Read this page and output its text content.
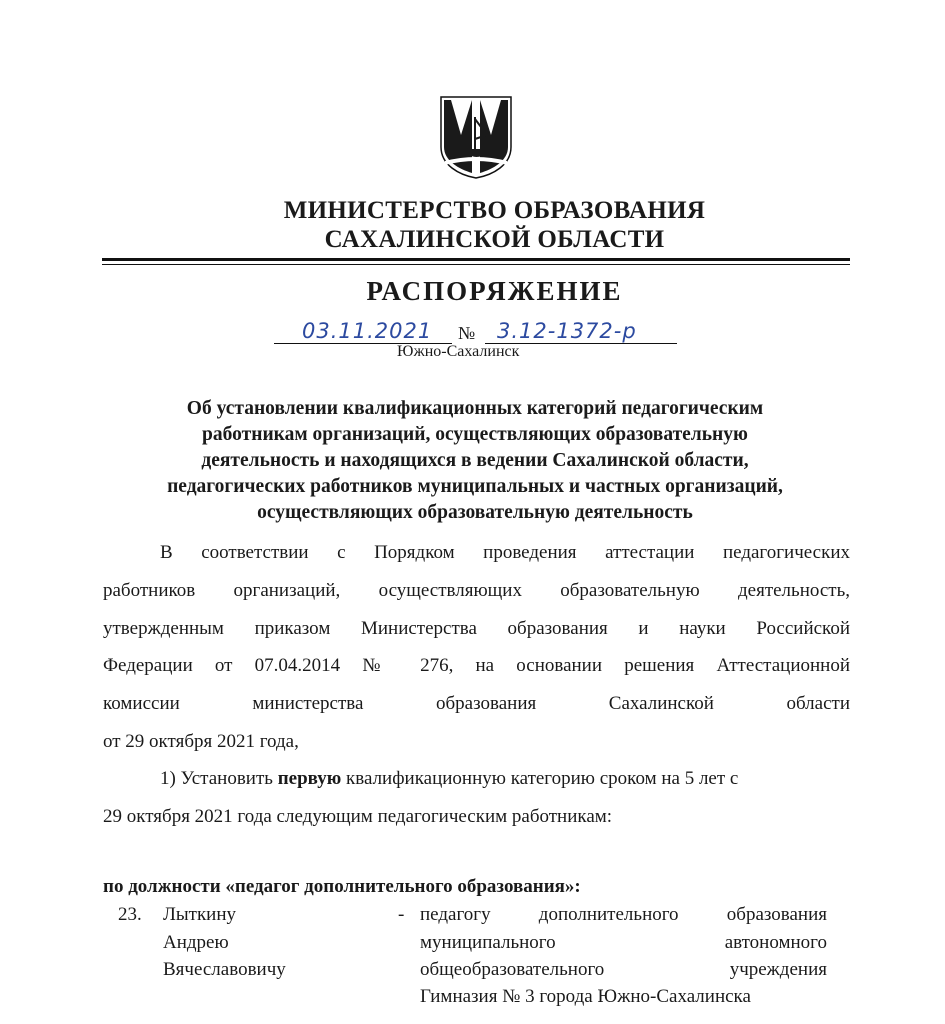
МИНИСТЕРСТВО ОБРАЗОВАНИЯ
САХАЛИНСКОЙ ОБЛАСТИ
РАСПОРЯЖЕНИЕ
03.11.2021 № 3.12-1372-р
Южно-Сахалинск
Об установлении квалификационных категорий педагогическим
работникам организаций, осуществляющих образовательную
деятельность и находящихся в ведении Сахалинской области,
педагогических работников муниципальных и частных организаций,
осуществляющих образовательную деятельность
В соответствии с Порядком проведения аттестации педагогических
работников организаций, осуществляющих образовательную деятельность,
утвержденным приказом Министерства образования и науки Российской
Федерации от 07.04.2014 № 276, на основании решения Аттестационной
комиссии министерства образования Сахалинской области
от 29 октября 2021 года,
1) Установить первую квалификационную категорию сроком на 5 лет с
29 октября 2021 года следующим педагогическим работникам:
по должности «педагог дополнительного образования»:
23. Лыткину
Андрею
Вячеславовичу
- педагогу дополнительного образования
муниципального автономного
общеобразовательного учреждения
Гимназия № 3 города Южно-Сахалинска
